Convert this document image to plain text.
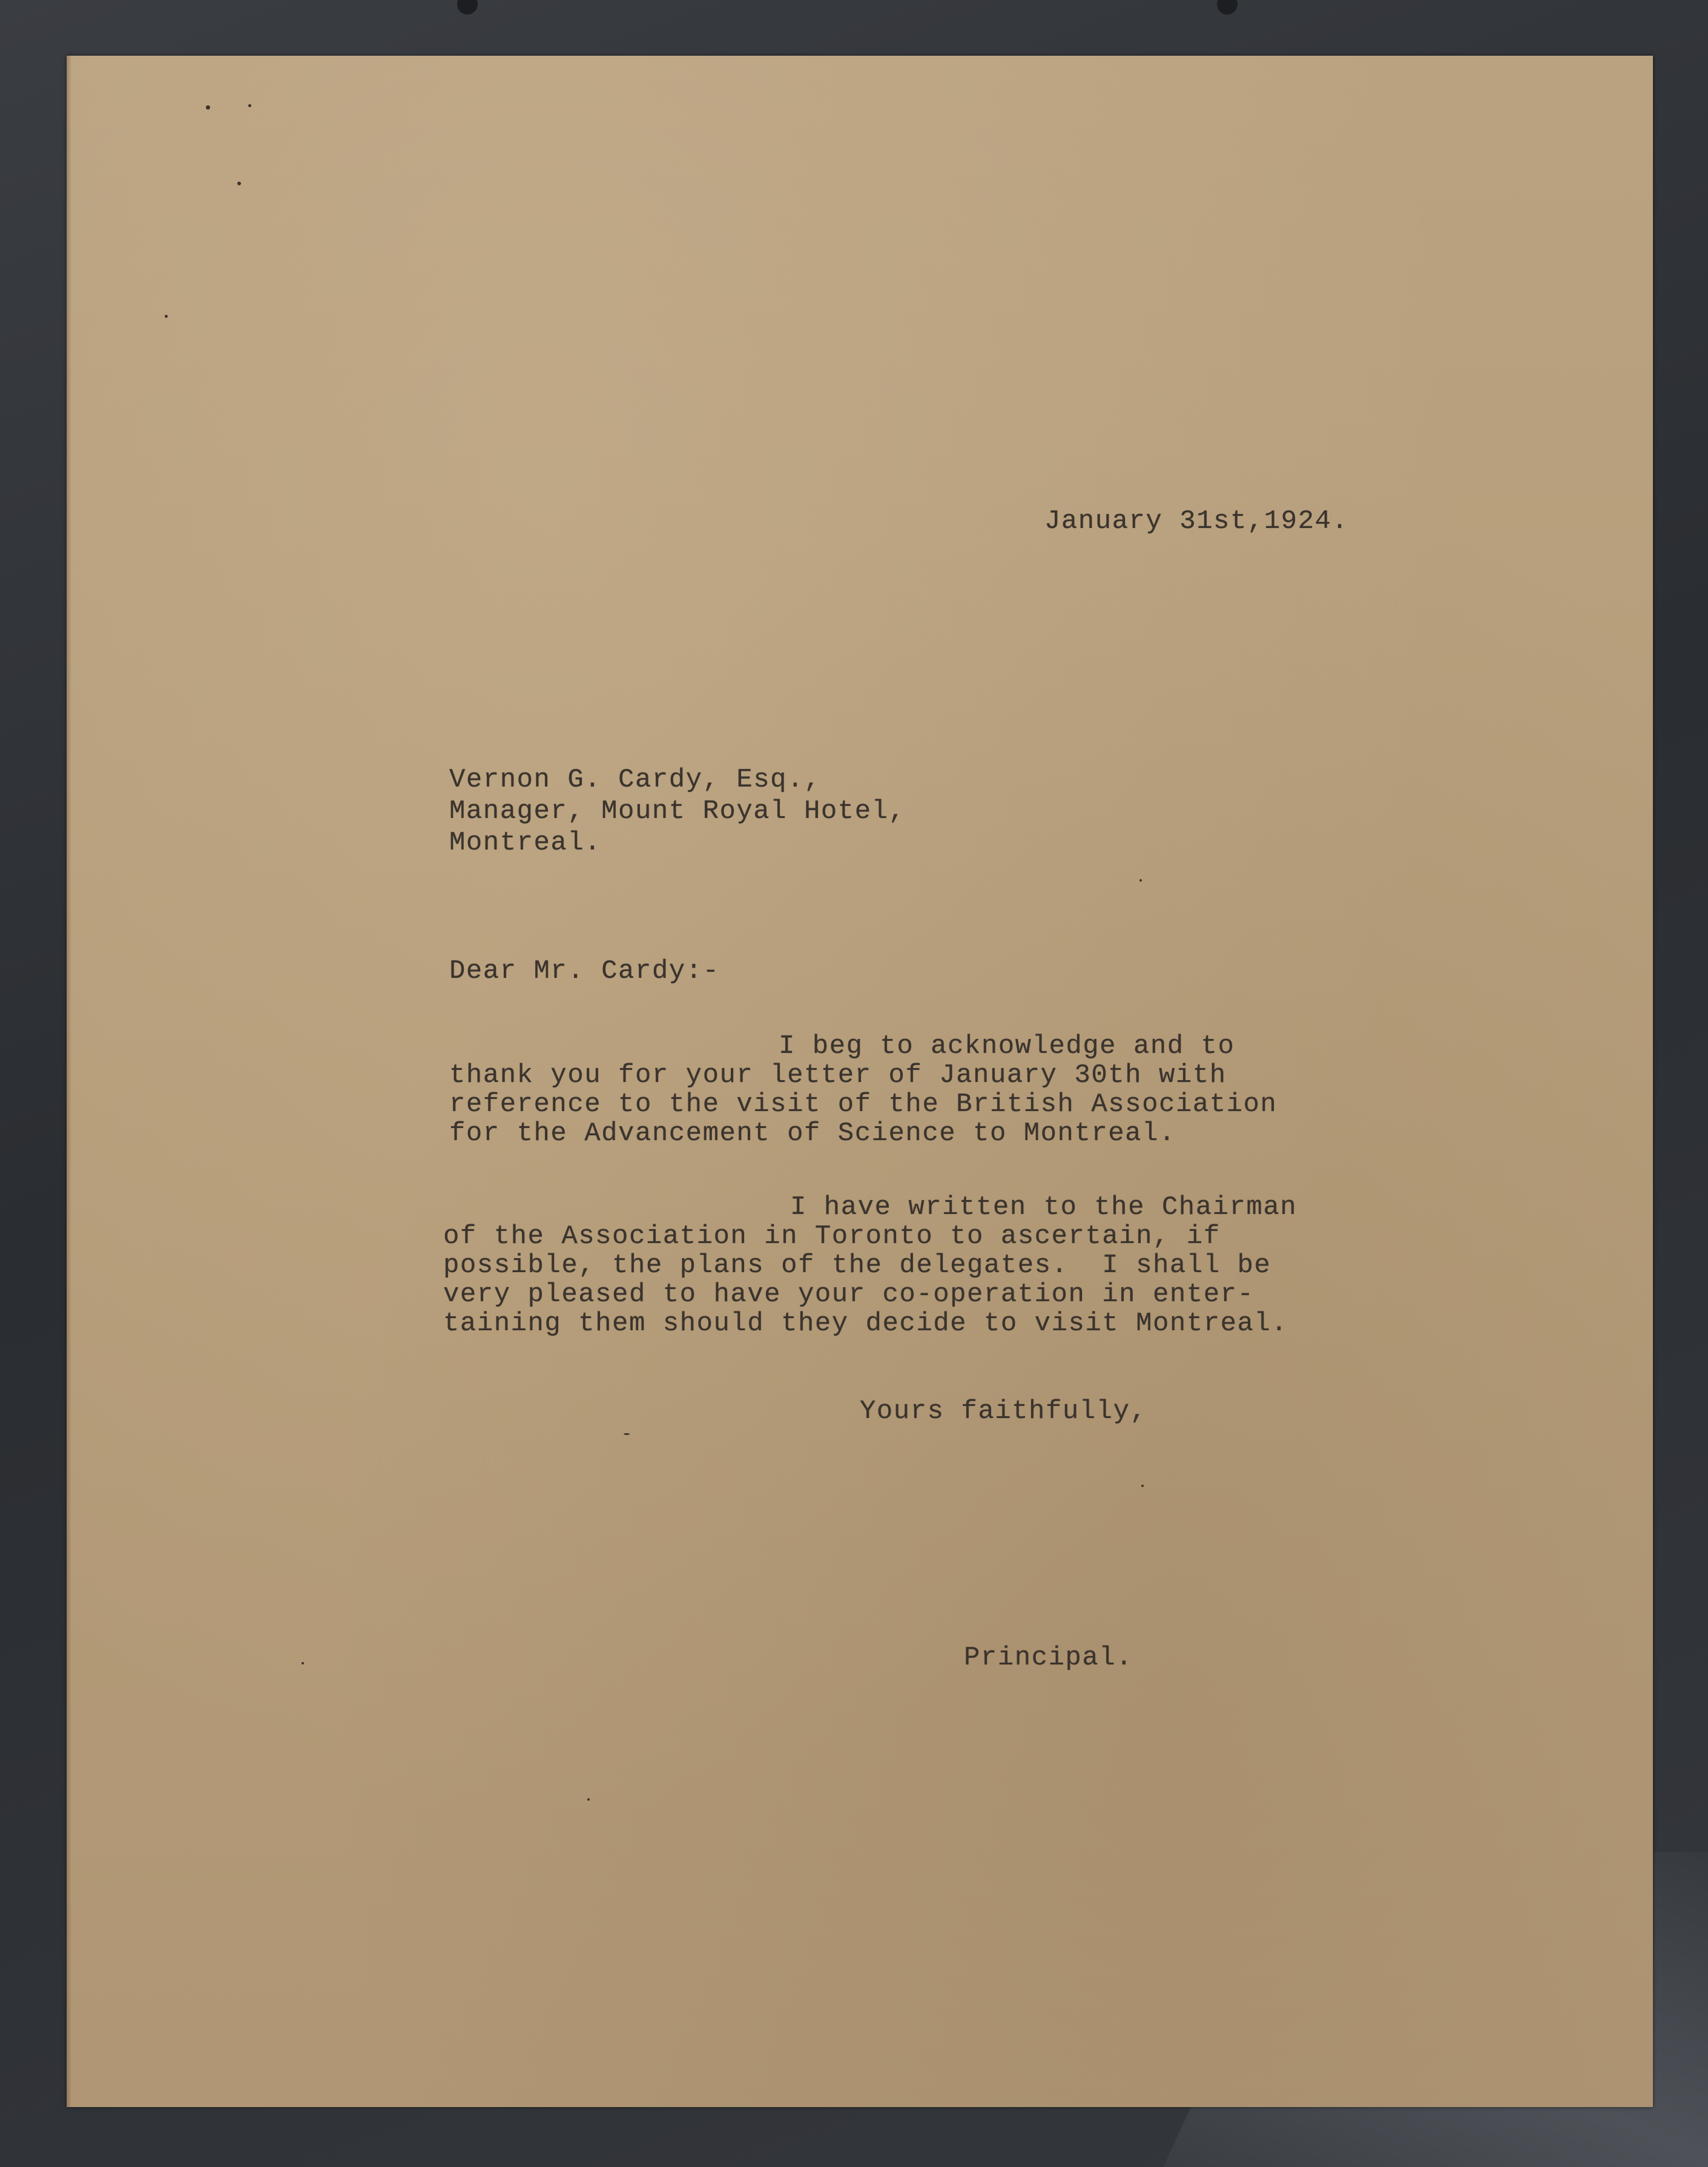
January 31st,1924.

Vernon G. Cardy, Esq.,

Manager, Mount Royal Hotel,

Montreal.

Dear Mr. Cardy:-

I beg to acknowledge and to

thank you for your letter of January 30th with

reference to the visit of the British Association

for the Advancement of Science to Montreal.

I have written to the Chairman

of the Association in Toronto to ascertain, if

possible, the plans of the delegates.  I shall be

very pleased to have your co-operation in enter-

taining them should they decide to visit Montreal.

Yours faithfully,

Principal.
